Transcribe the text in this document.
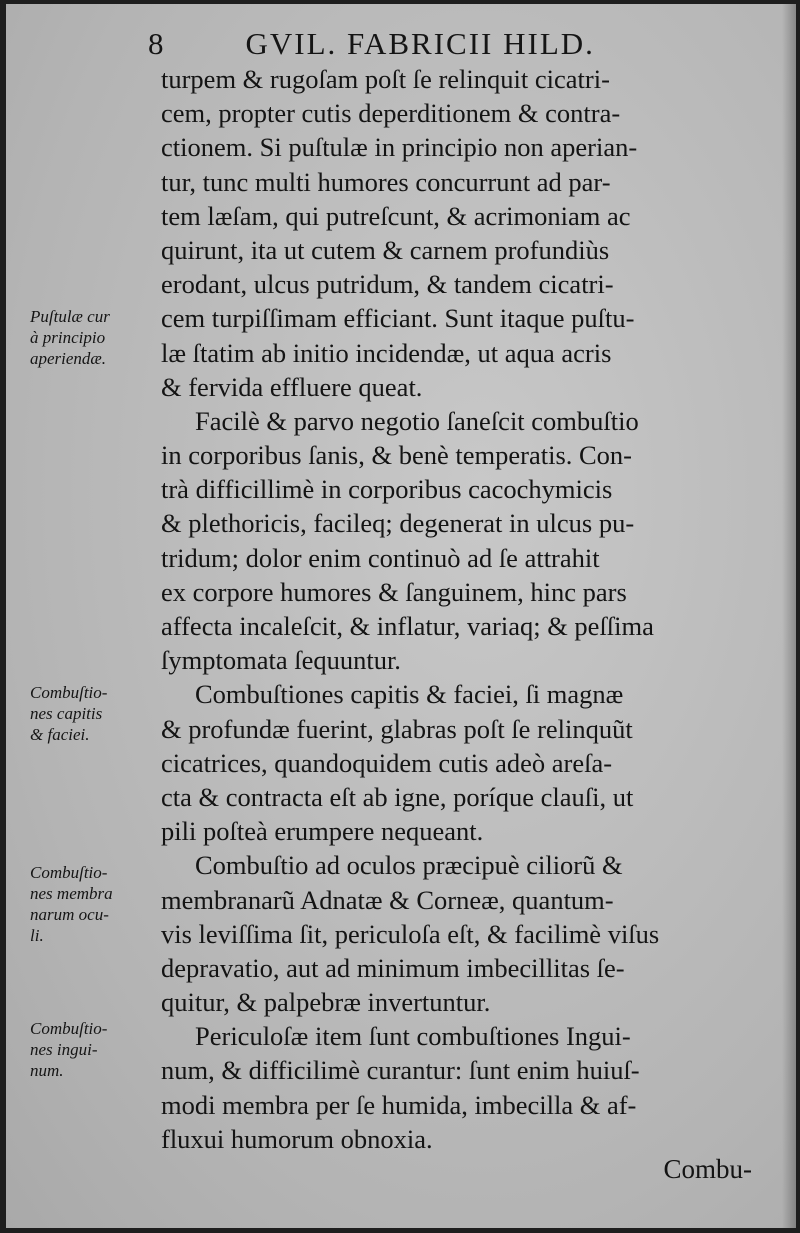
8	GVIL. FABRICII HILD.
turpem & rugoſam poſt ſe relinquit cicatri-
cem, propter cutis deperditionem & contra-
ctionem. Si puſtulæ in principio non aperian-
tur, tunc multi humores concurrunt ad par-
tem læſam, qui putreſcunt, & acrimoniam ac
quirunt, ita ut cutem & carnem profundiùs
erodant, ulcus putridum, & tandem cicatri-
cem turpiſſimam efficiant. Sunt itaque puſtu-
læ ſtatim ab initio incidendæ, ut aqua acris
& fervida effluere queat.
Facilè & parvo negotio ſaneſcit combuſtio
in corporibus ſanis, & benè temperatis. Con-
trà difficillimè in corporibus cacochymicis
& plethoricis, facileq; degenerat in ulcus pu-
tridum; dolor enim continuò ad ſe attrahit
ex corpore humores & ſanguinem, hinc pars
affecta incaleſcit, & inflatur, variaq; & peſſima
ſymptomata ſequuntur.
Combuſtiones capitis & faciei, ſi magnæ
& profundæ fuerint, glabras poſt ſe relinquũt
cicatrices, quandoquidem cutis adeò areſa-
cta & contracta eſt ab igne, poríque clauſi, ut
pili poſteà erumpere nequeant.
Combuſtio ad oculos præcipuè ciliorũ &
membranarũ Adnatæ & Corneæ, quantum-
vis leviſſima ſit, periculoſa eſt, & facilimè viſus
depravatio, aut ad minimum imbecillitas ſe-
quitur, & palpebræ invertuntur.
Periculoſæ item ſunt combuſtiones Ingui-
num, & difficilimè curantur: ſunt enim huiuſ-
modi membra per ſe humida, imbecilla & af-
fluxui humorum obnoxia.
Puſtulæ cur
à principio
aperiendæ.
Combuſtio-
nes capitis
& faciei.
Combuſtio-
nes membra
narum ocu-
li.
Combuſtio-
nes ingui-
num.
Combu-
